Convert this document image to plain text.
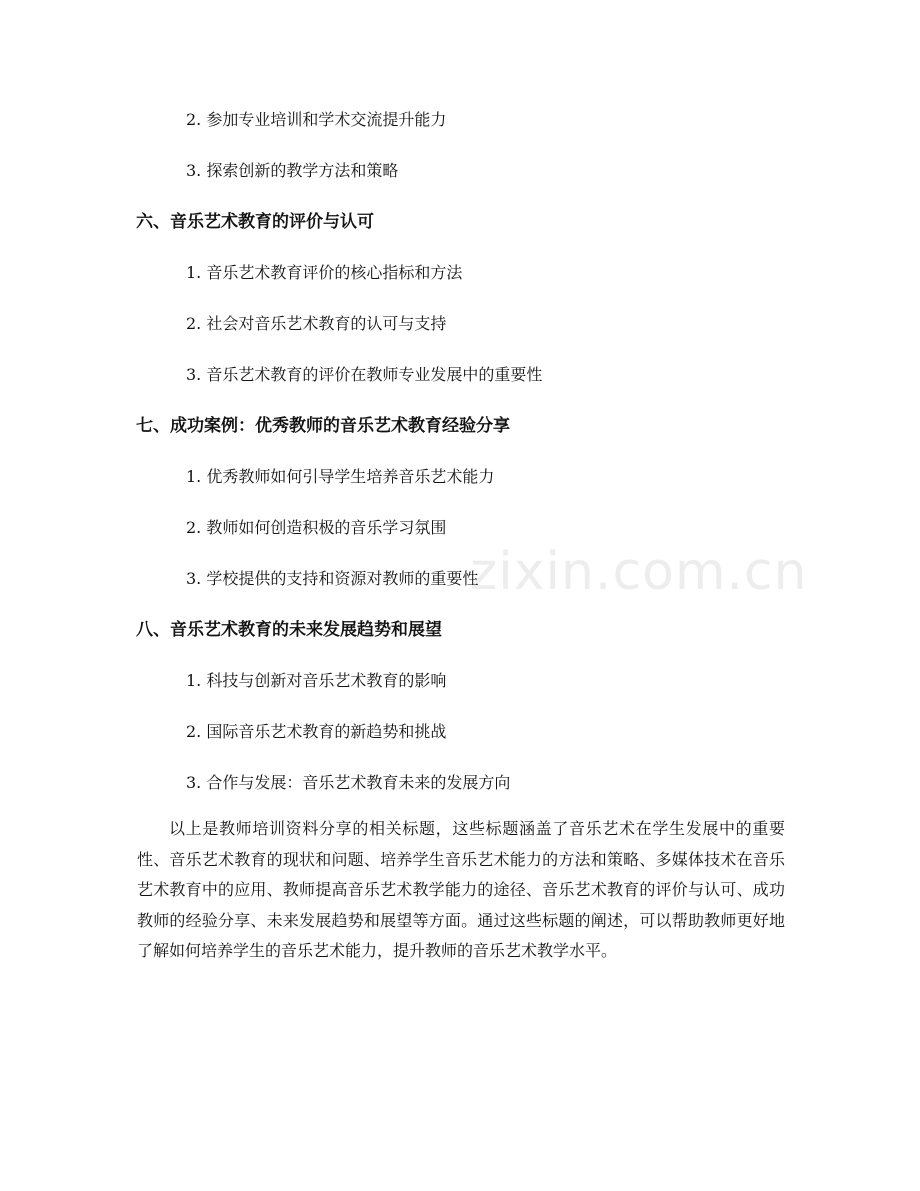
zixin.com.cn
2. 参加专业培训和学术交流提升能力
3. 探索创新的教学方法和策略
六、音乐艺术教育的评价与认可
1. 音乐艺术教育评价的核心指标和方法
2. 社会对音乐艺术教育的认可与支持
3. 音乐艺术教育的评价在教师专业发展中的重要性
七、成功案例：优秀教师的音乐艺术教育经验分享
1. 优秀教师如何引导学生培养音乐艺术能力
2. 教师如何创造积极的音乐学习氛围
3. 学校提供的支持和资源对教师的重要性
八、音乐艺术教育的未来发展趋势和展望
1. 科技与创新对音乐艺术教育的影响
2. 国际音乐艺术教育的新趋势和挑战
3. 合作与发展：音乐艺术教育未来的发展方向
以上是教师培训资料分享的相关标题，这些标题涵盖了音乐艺术在学生发展中的重要性、音乐艺术教育的现状和问题、培养学生音乐艺术能力的方法和策略、多媒体技术在音乐艺术教育中的应用、教师提高音乐艺术教学能力的途径、音乐艺术教育的评价与认可、成功教师的经验分享、未来发展趋势和展望等方面。通过这些标题的阐述，可以帮助教师更好地了解如何培养学生的音乐艺术能力，提升教师的音乐艺术教学水平。
